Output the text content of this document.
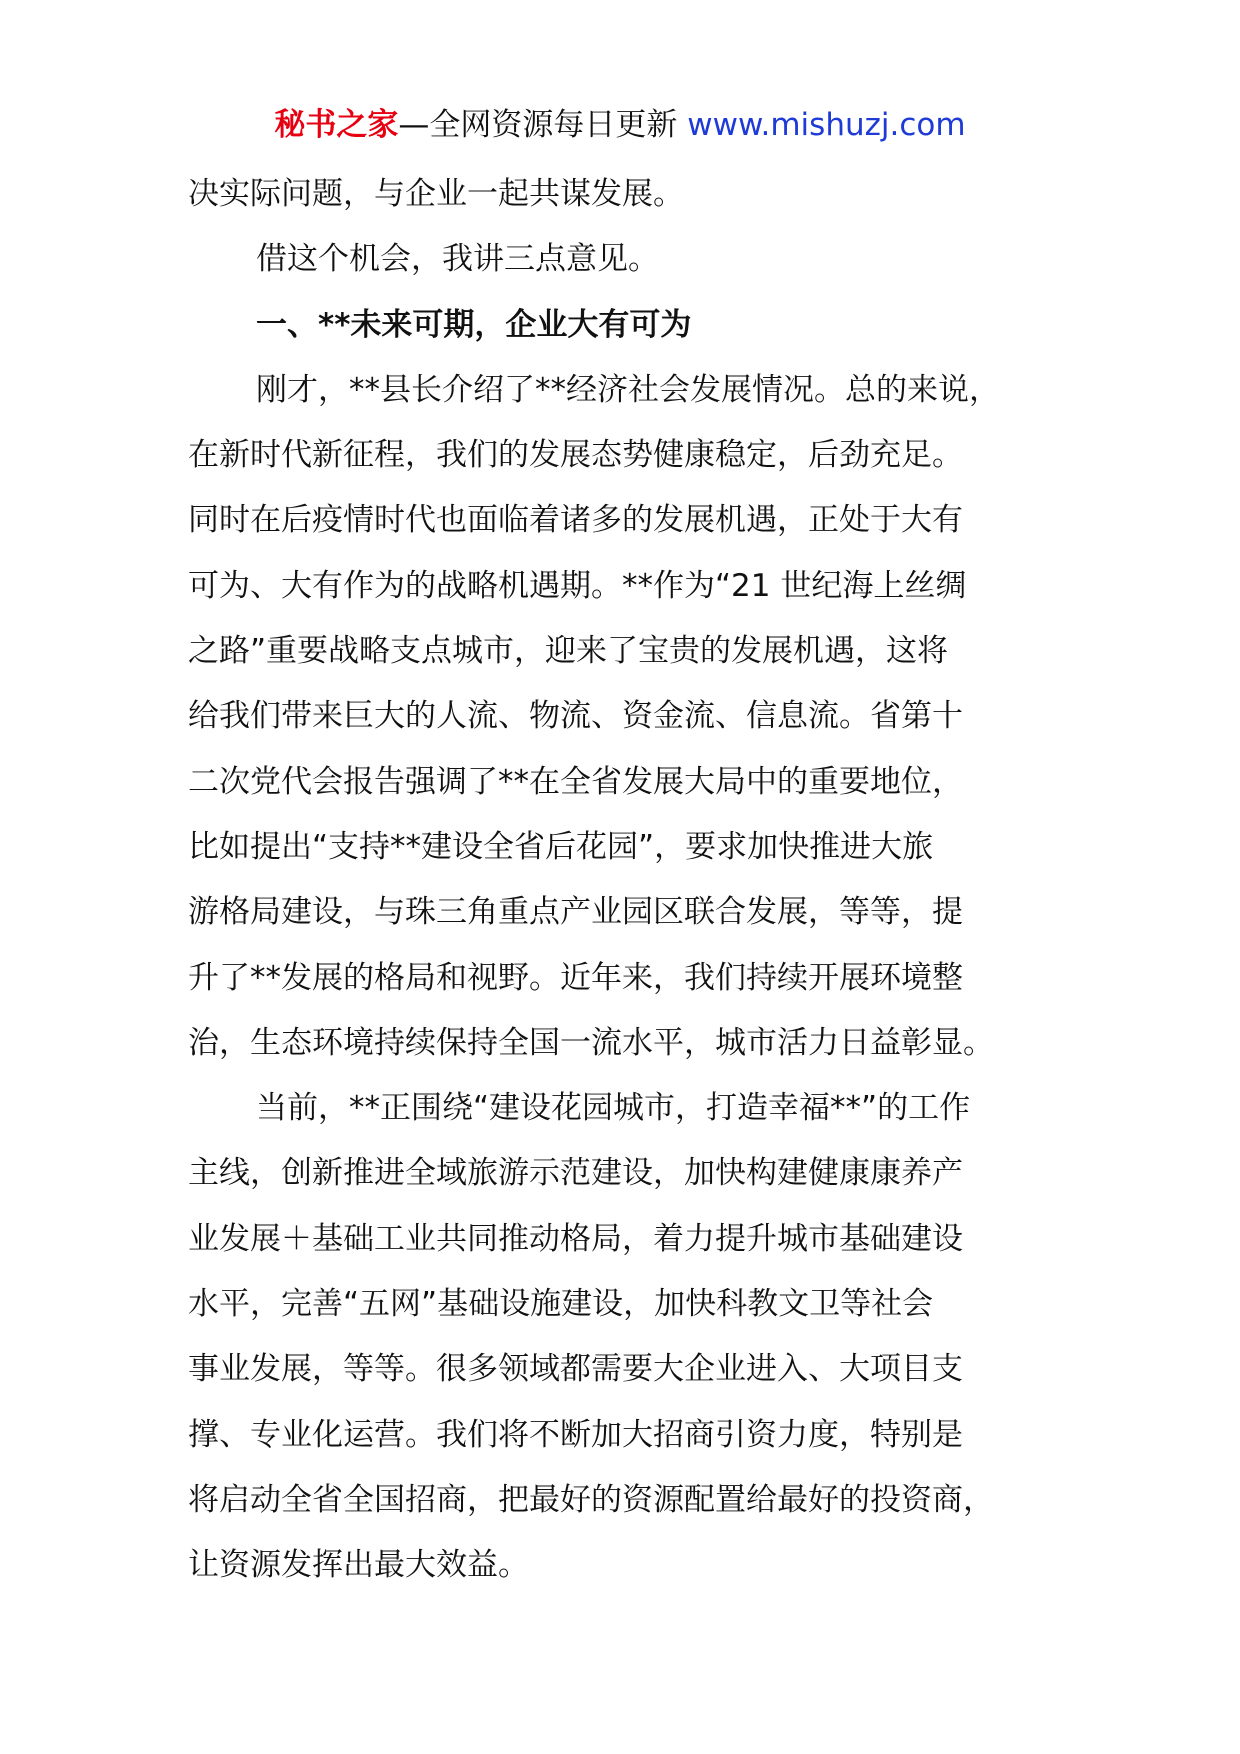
秘书之家—全网资源每日更新 www.mishuzj.com
决实际问题，与企业一起共谋发展。
借这个机会，我讲三点意见。
一、**未来可期，企业大有可为
刚才，**县长介绍了**经济社会发展情况。总的来说，
在新时代新征程，我们的发展态势健康稳定，后劲充足。
同时在后疫情时代也面临着诸多的发展机遇，正处于大有
可为、大有作为的战略机遇期。**作为“21 世纪海上丝绸
之路”重要战略支点城市，迎来了宝贵的发展机遇，这将
给我们带来巨大的人流、物流、资金流、信息流。省第十
二次党代会报告强调了**在全省发展大局中的重要地位，
比如提出“支持**建设全省后花园”，要求加快推进大旅
游格局建设，与珠三角重点产业园区联合发展，等等，提
升了**发展的格局和视野。近年来，我们持续开展环境整
治，生态环境持续保持全国一流水平，城市活力日益彰显。
当前，**正围绕“建设花园城市，打造幸福**”的工作
主线，创新推进全域旅游示范建设，加快构建健康康养产
业发展＋基础工业共同推动格局，着力提升城市基础建设
水平，完善“五网”基础设施建设，加快科教文卫等社会
事业发展，等等。很多领域都需要大企业进入、大项目支
撑、专业化运营。我们将不断加大招商引资力度，特别是
将启动全省全国招商，把最好的资源配置给最好的投资商，
让资源发挥出最大效益。
